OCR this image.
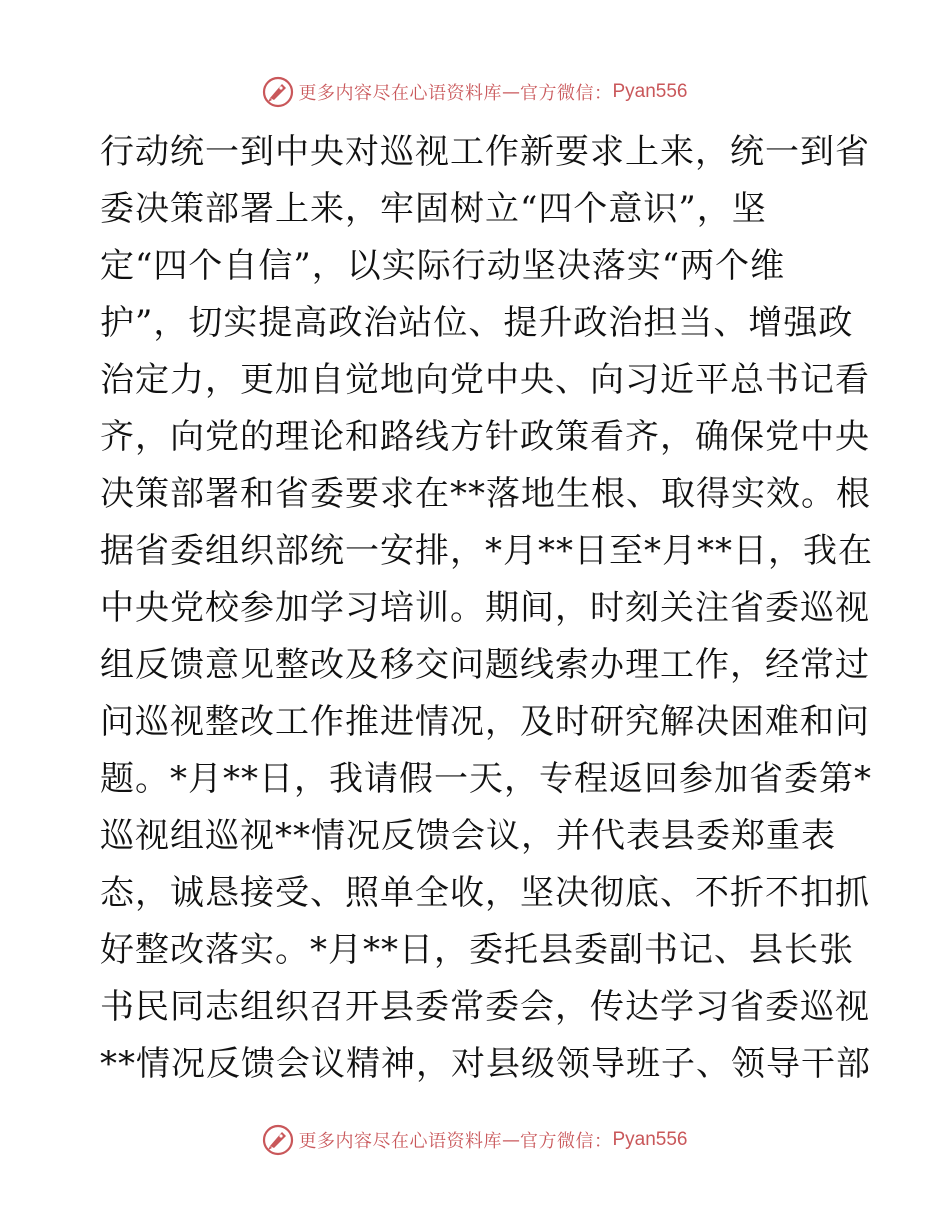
更多内容尽在心语资料库 — 官方微信： Pyan556
行动统一到中央对巡视工作新要求上来，统一到省
委决策部署上来，牢固树立“四个意识”，坚
定“四个自信”，以实际行动坚决落实“两个维
护”，切实提高政治站位、提升政治担当、增强政
治定力，更加自觉地向党中央、向习近平总书记看
齐，向党的理论和路线方针政策看齐，确保党中央
决策部署和省委要求在**落地生根、取得实效。根
据省委组织部统一安排，*月**日至*月**日，我在
中央党校参加学习培训。期间，时刻关注省委巡视
组反馈意见整改及移交问题线索办理工作，经常过
问巡视整改工作推进情况，及时研究解决困难和问
题。*月**日，我请假一天，专程返回参加省委第*
巡视组巡视**情况反馈会议，并代表县委郑重表
态，诚恳接受、照单全收，坚决彻底、不折不扣抓
好整改落实。*月**日，委托县委副书记、县长张
书民同志组织召开县委常委会，传达学习省委巡视
**情况反馈会议精神，对县级领导班子、领导干部
更多内容尽在心语资料库 — 官方微信： Pyan556
